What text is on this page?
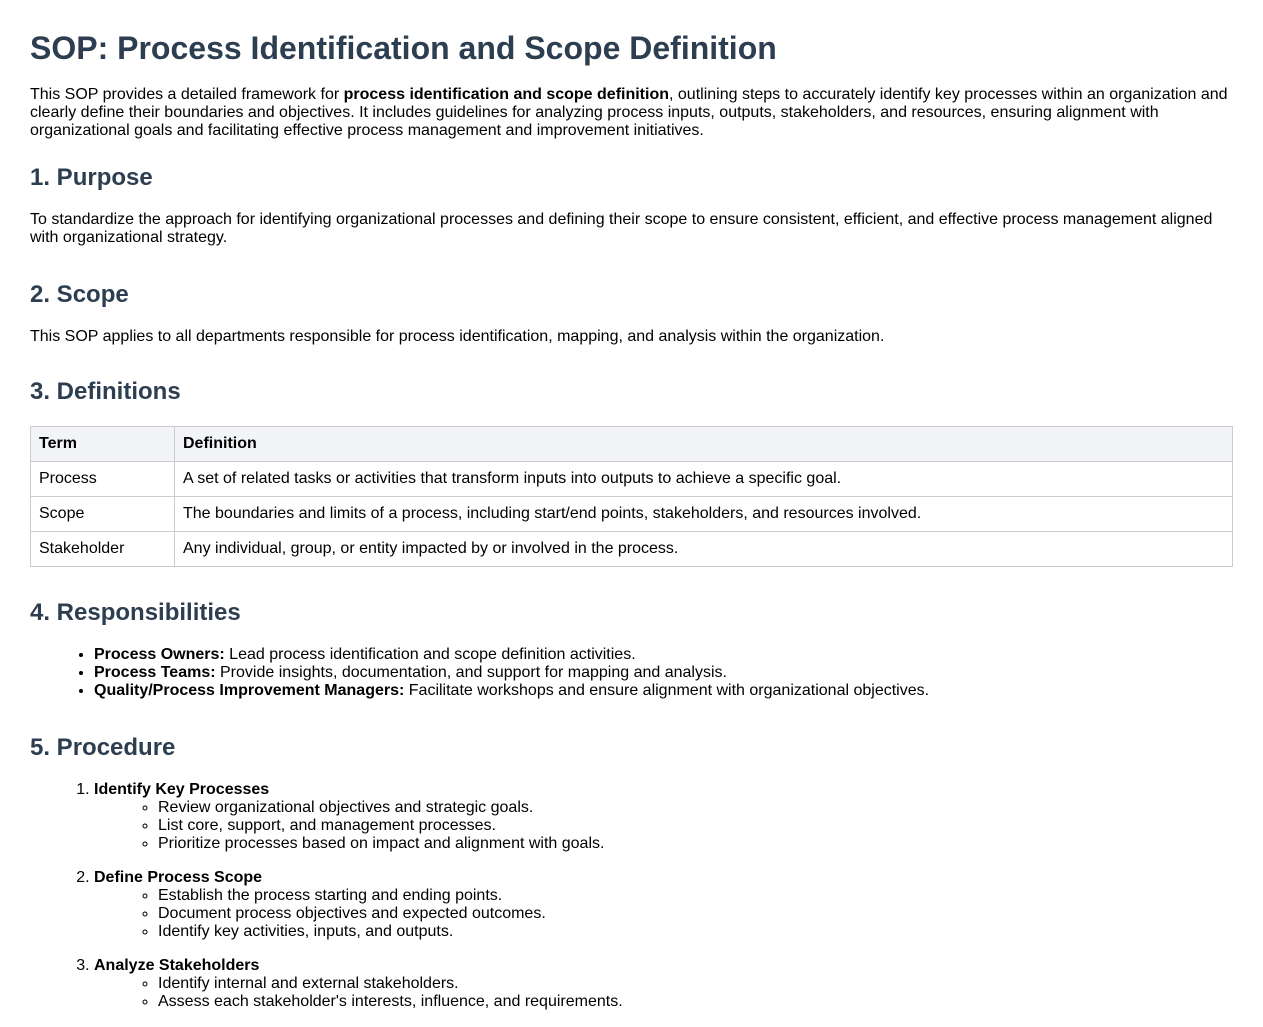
SOP: Process Identification and Scope Definition

This SOP provides a detailed framework for process identification and scope definition, outlining steps to accurately identify key processes within an organization and clearly define their boundaries and objectives. It includes guidelines for analyzing process inputs, outputs, stakeholders, and resources, ensuring alignment with organizational goals and facilitating effective process management and improvement initiatives.

1. Purpose

To standardize the approach for identifying organizational processes and defining their scope to ensure consistent, efficient, and effective process management aligned with organizational strategy.

2. Scope

This SOP applies to all departments responsible for process identification, mapping, and analysis within the organization.

3. Definitions
Term	Definition
Process	A set of related tasks or activities that transform inputs into outputs to achieve a specific goal.
Scope	The boundaries and limits of a process, including start/end points, stakeholders, and resources involved.
Stakeholder	Any individual, group, or entity impacted by or involved in the process.
4. Responsibilities
• Process Owners: Lead process identification and scope definition activities.
• Process Teams: Provide insights, documentation, and support for mapping and analysis.
• Quality/Process Improvement Managers: Facilitate workshops and ensure alignment with organizational objectives.
5. Procedure
1. Identify Key Processes
◦ Review organizational objectives and strategic goals.
◦ List core, support, and management processes.
◦ Prioritize processes based on impact and alignment with goals.
2. Define Process Scope
◦ Establish the process starting and ending points.
◦ Document process objectives and expected outcomes.
◦ Identify key activities, inputs, and outputs.
3. Analyze Stakeholders
◦ Identify internal and external stakeholders.
◦ Assess each stakeholder's interests, influence, and requirements.
